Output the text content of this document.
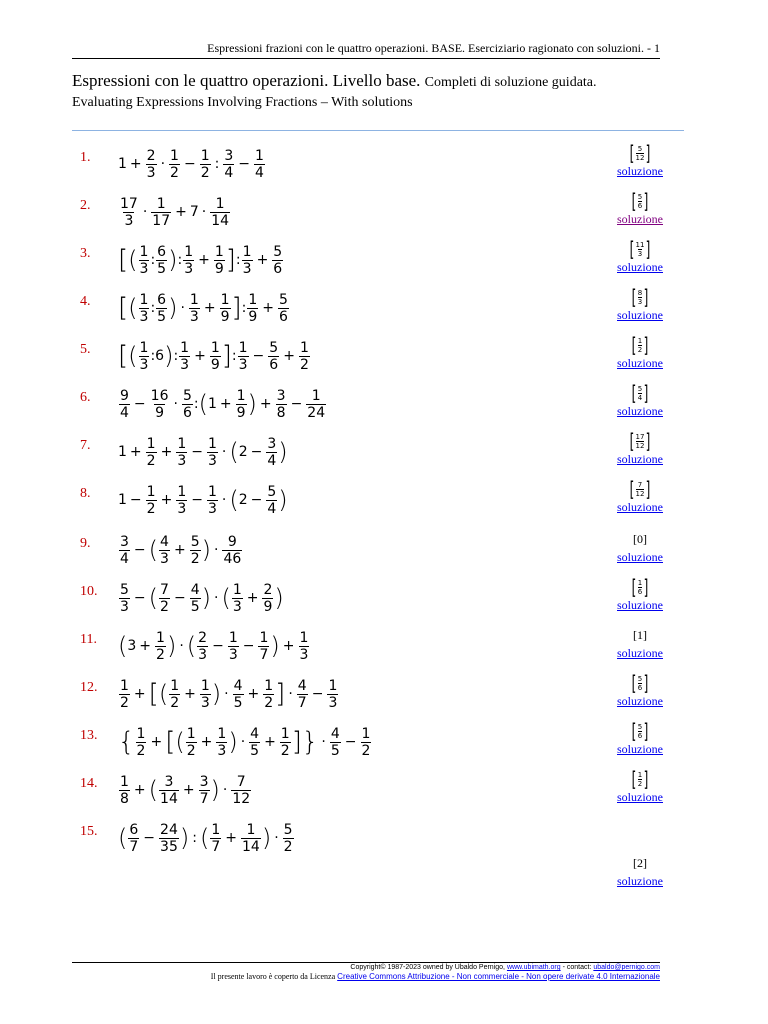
Espressioni frazioni con le quattro operazioni. BASE. Eserciziario ragionato con soluzioni. - 1
Espressioni con le quattro operazioni. Livello base. Completi di soluzione guidata.
Evaluating Expressions Involving Fractions – With solutions
1. $1 + \frac{2}{3}$ ·
1
2
− $\frac{1}{2}$ :
3
4
− $\frac{1}{4}$	[ 5
12 ]
soluzione
2. 17
3
·
1
17
+ 7 ·
1
14
[ 5
6 ]
soluzione
3. [ ( 1
3
:
6
5 ) :
1
3
+ $\frac{1}{9}$ ] :
1
3
+ $\frac{5}{6}$	[ 11
3 ]
soluzione
4. [ ( 1
3
:
6
5 ) ·
1
3
+ $\frac{1}{9}$ ] :
1
9
+ $\frac{5}{6}$	[ 8
3 ]
soluzione
5. [ ( 1
3
:6 ) :
1
3
+ $\frac{1}{9}$ ] :
1
3
− $\frac{5}{6} + \frac{1}{2}$	[ 1
2 ]
soluzione
6. 9
4
− $\frac{16}{9}$ ·
5
6
: ( $1 + \frac{1}{9}$ ) + $\frac{3}{8} - \frac{1}{24}$	[ 5
4 ]
soluzione
7. $1 + \frac{1}{2} + \frac{1}{3} - \frac{1}{3}$ · ( $2 - \frac{3}{4}$ )	[ 17
12 ]
soluzione
8. $1 - \frac{1}{2} + \frac{1}{3} - \frac{1}{3}$ · ( $2 - \frac{5}{4}$ )	[ 7
12 ]
soluzione
9. 3
4
− ( 4
3
+ $\frac{5}{2}$ ) ·
9
46
[0]
soluzione
10. 5
3
− ( 7
2
− $\frac{4}{5}$ ) · ( 1
3
+ $\frac{2}{9}$ )	[ 1
6 ]
soluzione
11. ( $3 + \frac{1}{2}$ ) · ( 2
3
− $\frac{1}{3} - \frac{1}{7}$ ) + $\frac{1}{3}$	[1]
soluzione
12. 1
2
+ [ ( 1
2
+ $\frac{1}{3}$ ) ·
4
5
+ $\frac{1}{2}$ ] ·
4
7
− $\frac{1}{3}$	[ 5
6 ]
soluzione
13. { 1
2
+ [ ( 1
2
+ $\frac{1}{3}$ ) ·
4
5
+ $\frac{1}{2}$ ] } ·
4
5
− $\frac{1}{2}$	[ 5
6 ]
soluzione
14. 1
8
+ ( 3
14
+ $\frac{3}{7}$ ) ·
7
12
[ 1
2 ]
soluzione
15. ( 6
7
− $\frac{24}{35}$ ) : ( 1
7
+ $\frac{1}{14}$ ) ·
5
2
[2]
soluzione
Copyright© 1987-2023 owned by Ubaldo Pernigo, www.ubimath.org - contact: ubaldo@pernigo.com
Il presente lavoro è coperto da Licenza Creative Commons Attribuzione - Non commerciale - Non opere derivate 4.0 Internazionale
